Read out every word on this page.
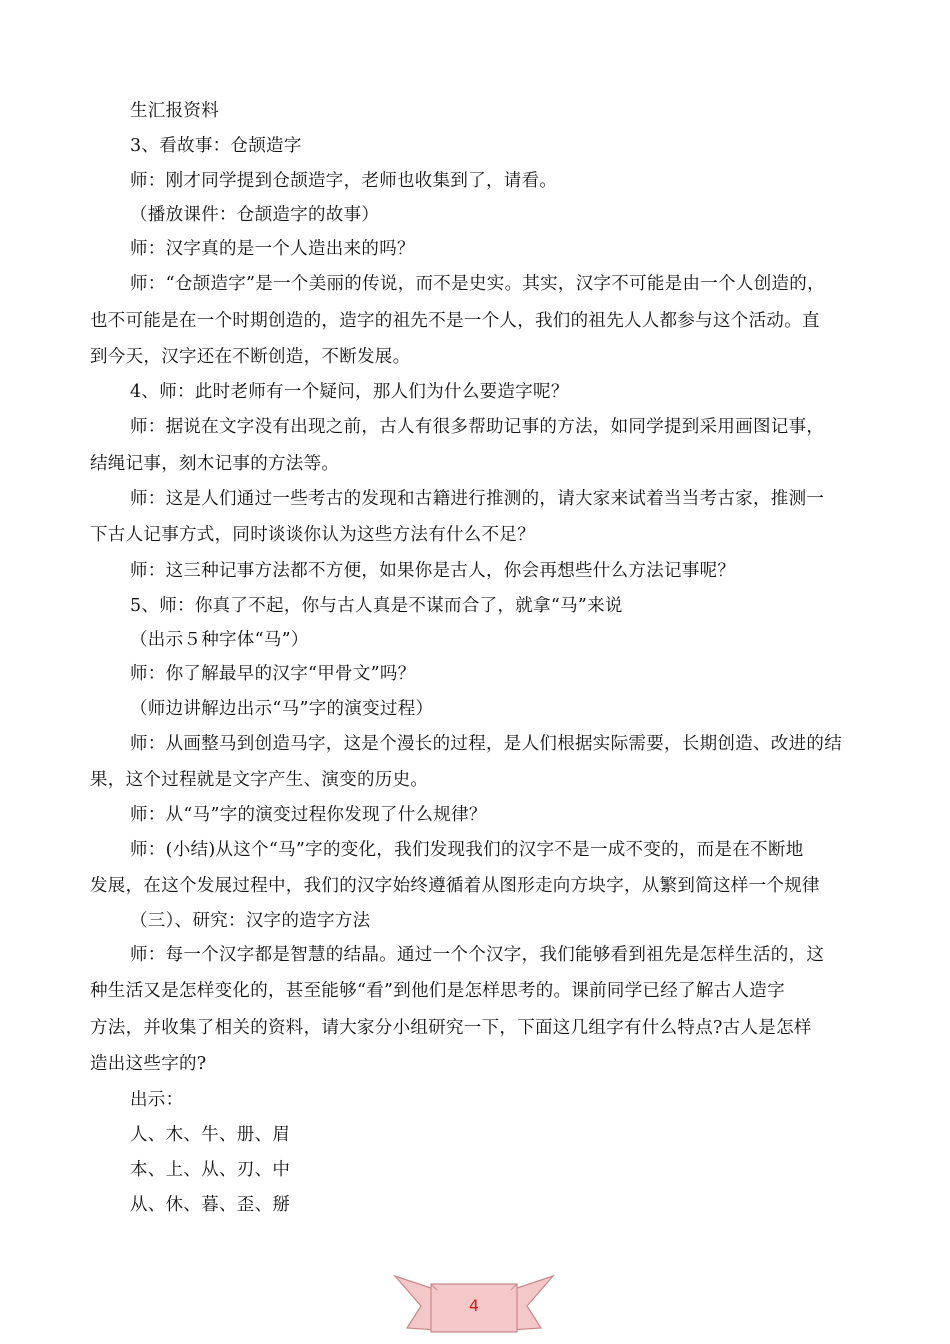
生汇报资料
3、看故事：仓颉造字
师：刚才同学提到仓颉造字，老师也收集到了，请看。
（播放课件：仓颉造字的故事）
师：汉字真的是一个人造出来的吗？
师：“仓颉造字”是一个美丽的传说，而不是史实。其实，汉字不可能是由一个人创造的，
也不可能是在一个时期创造的，造字的祖先不是一个人，我们的祖先人人都参与这个活动。直
到今天，汉字还在不断创造，不断发展。
4、师：此时老师有一个疑问，那人们为什么要造字呢？
师：据说在文字没有出现之前，古人有很多帮助记事的方法，如同学提到采用画图记事，
结绳记事，刻木记事的方法等。
师：这是人们通过一些考古的发现和古籍进行推测的，请大家来试着当当考古家，推测一
下古人记事方式，同时谈谈你认为这些方法有什么不足？
师：这三种记事方法都不方便，如果你是古人，你会再想些什么方法记事呢？
5、师：你真了不起，你与古人真是不谋而合了，就拿“马”来说
（出示５种字体“马”）
师：你了解最早的汉字“甲骨文”吗？
（师边讲解边出示“马”字的演变过程）
师：从画整马到创造马字，这是个漫长的过程，是人们根据实际需要，长期创造、改进的结
果，这个过程就是文字产生、演变的历史。
师：从“马”字的演变过程你发现了什么规律？
师：(小结)从这个“马”字的变化，我们发现我们的汉字不是一成不变的，而是在不断地
发展，在这个发展过程中，我们的汉字始终遵循着从图形走向方块字，从繁到简这样一个规律
（三）、研究：汉字的造字方法
师：每一个汉字都是智慧的结晶。通过一个个汉字，我们能够看到祖先是怎样生活的，这
种生活又是怎样变化的，甚至能够“看”到他们是怎样思考的。课前同学已经了解古人造字
方法，并收集了相关的资料，请大家分小组研究一下，下面这几组字有什么特点?古人是怎样
造出这些字的?
出示：
人、木、牛、册、眉
本、上、从、刃、中
从、休、暮、歪、掰
4
